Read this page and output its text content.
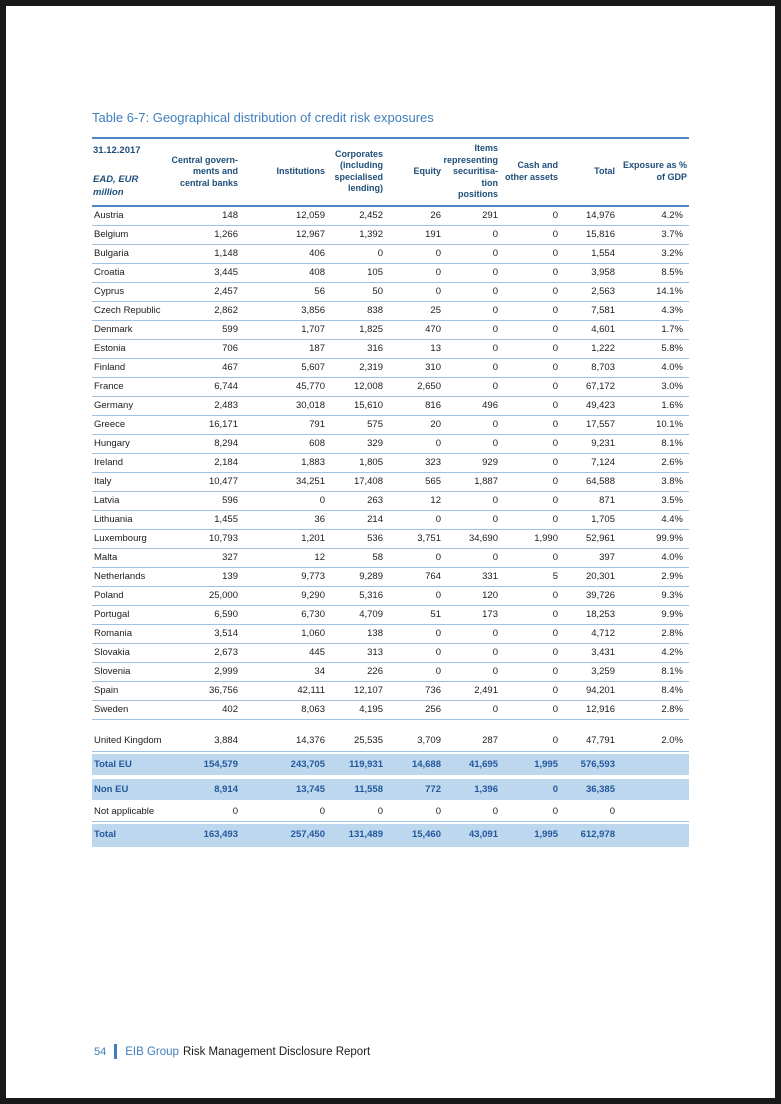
Table 6-7: Geographical distribution of credit risk exposures
31.12.2017
EAD, EUR million	Central governments and central banks	Institutions	Corporates (including specialised lending)	Equity	Items representing securitisation positions	Cash and other assets	Total	Exposure as % of GDP
Austria	148	12,059	2,452	26	291	0	14,976	4.2%
Belgium	1,266	12,967	1,392	191	0	0	15,816	3.7%
Bulgaria	1,148	406	0	0	0	0	1,554	3.2%
Croatia	3,445	408	105	0	0	0	3,958	8.5%
Cyprus	2,457	56	50	0	0	0	2,563	14.1%
Czech Republic	2,862	3,856	838	25	0	0	7,581	4.3%
Denmark	599	1,707	1,825	470	0	0	4,601	1.7%
Estonia	706	187	316	13	0	0	1,222	5.8%
Finland	467	5,607	2,319	310	0	0	8,703	4.0%
France	6,744	45,770	12,008	2,650	0	0	67,172	3.0%
Germany	2,483	30,018	15,610	816	496	0	49,423	1.6%
Greece	16,171	791	575	20	0	0	17,557	10.1%
Hungary	8,294	608	329	0	0	0	9,231	8.1%
Ireland	2,184	1,883	1,805	323	929	0	7,124	2.6%
Italy	10,477	34,251	17,408	565	1,887	0	64,588	3.8%
Latvia	596	0	263	12	0	0	871	3.5%
Lithuania	1,455	36	214	0	0	0	1,705	4.4%
Luxembourg	10,793	1,201	536	3,751	34,690	1,990	52,961	99.9%
Malta	327	12	58	0	0	0	397	4.0%
Netherlands	139	9,773	9,289	764	331	5	20,301	2.9%
Poland	25,000	9,290	5,316	0	120	0	39,726	9.3%
Portugal	6,590	6,730	4,709	51	173	0	18,253	9.9%
Romania	3,514	1,060	138	0	0	0	4,712	2.8%
Slovakia	2,673	445	313	0	0	0	3,431	4.2%
Slovenia	2,999	34	226	0	0	0	3,259	8.1%
Spain	36,756	42,111	12,107	736	2,491	0	94,201	8.4%
Sweden	402	8,063	4,195	256	0	0	12,916	2.8%
United Kingdom	3,884	14,376	25,535	3,709	287	0	47,791	2.0%
Total EU	154,579	243,705	119,931	14,688	41,695	1,995	576,593	
Non EU	8,914	13,745	11,558	772	1,396	0	36,385	
Not applicable	0	0	0	0	0	0	0	
Total	163,493	257,450	131,489	15,460	43,091	1,995	612,978	
54 EIB Group Risk Management Disclosure Report
